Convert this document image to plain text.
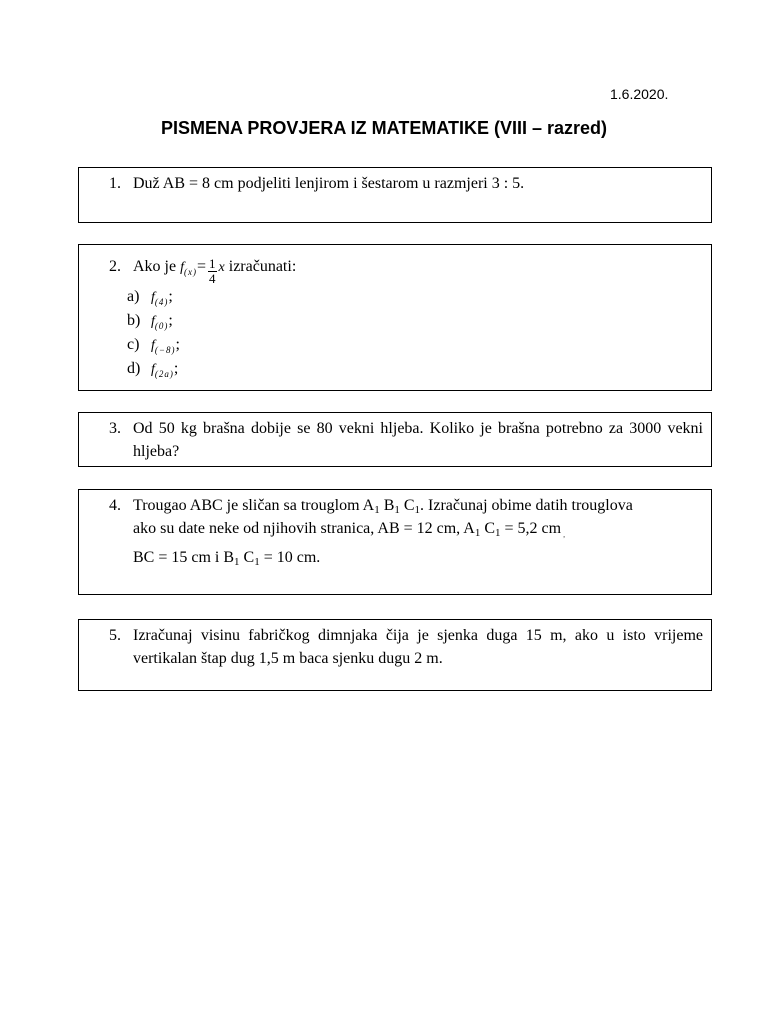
1.6.2020.
PISMENA PROVJERA IZ MATEMATIKE (VIII – razred)
1. Duž AB = 8 cm podjeliti lenjirom i šestarom u razmjeri 3 : 5.
2. Ako je $f_{(x)}= \frac{1}{4}$ x izračunati:
a) $f_{(4)}$;
b) $f_{(0)}$;
c) $f_{(-8)}$;
d) $f_{(2a)}$;
3. Od 50 kg brašna dobije se 80 vekni hljeba. Koliko je brašna potrebno za 3000 vekni hljeba?
4. Trougao ABC je sličan sa trouglom $A_1$ $B_1$ $C_1$. Izračunaj obime datih trouglova
ako su date neke od njihovih stranica, AB = 12 cm, $A_1$ $C_1 = 5,2$ cm $_,$
BC = 15 cm i $B_1$ $C_1 = 10$ cm.
5. Izračunaj visinu fabričkog dimnjaka čija je sjenka duga 15 m, ako u isto vrijeme vertikalan štap dug 1,5 m baca sjenku dugu 2 m.
